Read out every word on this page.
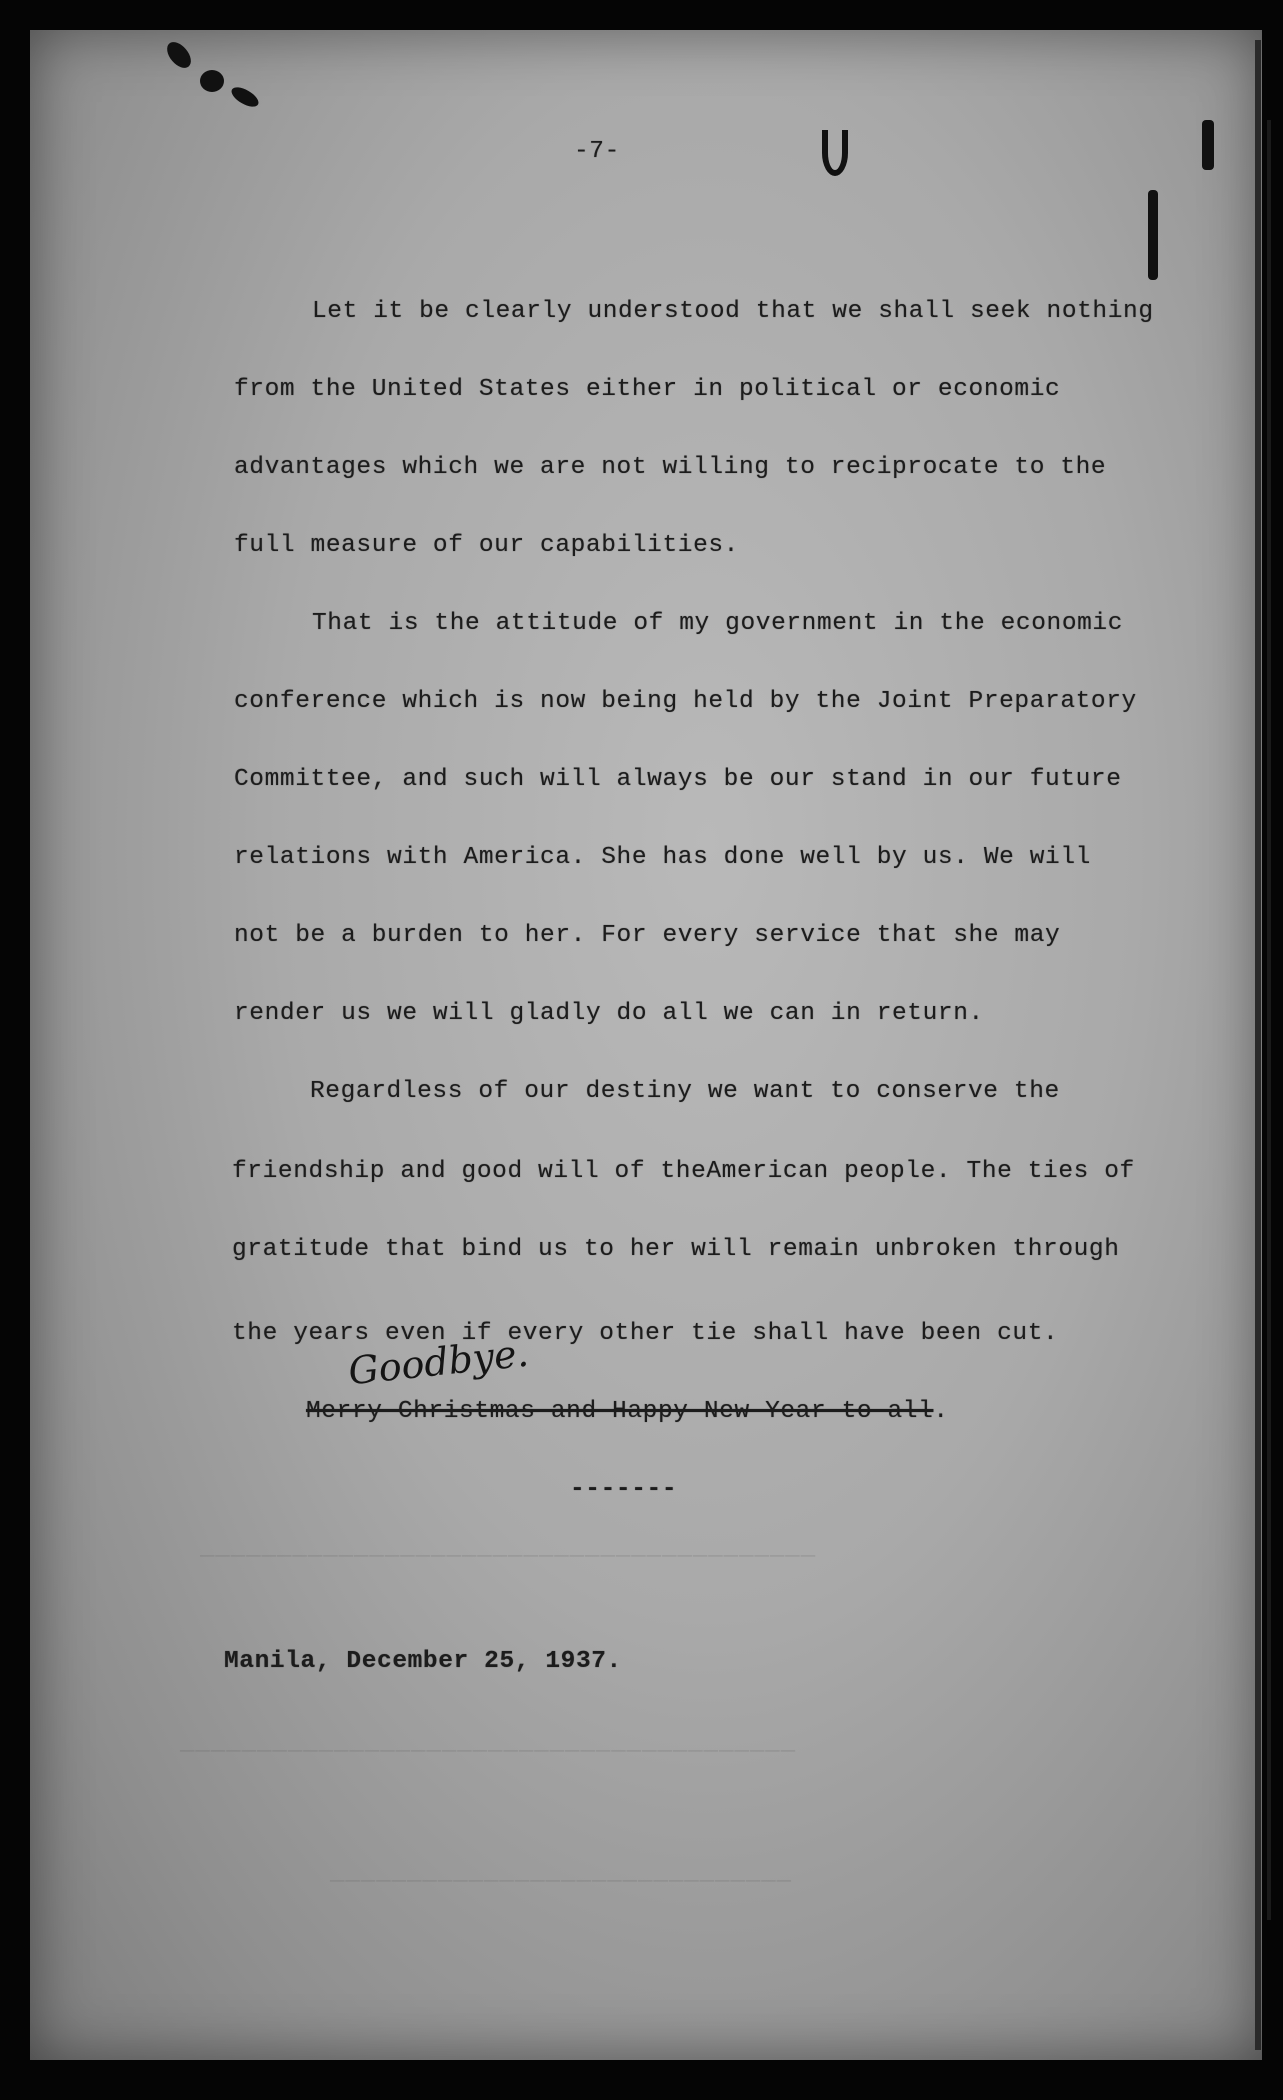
________________________________________
________________________________________
______________________________
-7-
Let it be clearly understood that we shall seek nothing
from the United States either in political or economic
advantages which we are not willing to reciprocate to the
full measure of our capabilities.
That is the attitude of my government in the economic
conference which is now being held by the Joint Preparatory
Committee, and such will always be our stand in our future
relations with America. She has done well by us. We will
not be a burden to her. For every service that she may
render us we will gladly do all we can in return.
Regardless of our destiny we want to conserve the
friendship and good will of theAmerican people. The ties of
gratitude that bind us to her will remain unbroken through
the years even if every other tie shall have been cut.
Goodbye.
Merry Christmas and Happy New Year to all.
-------
Manila, December 25, 1937.
